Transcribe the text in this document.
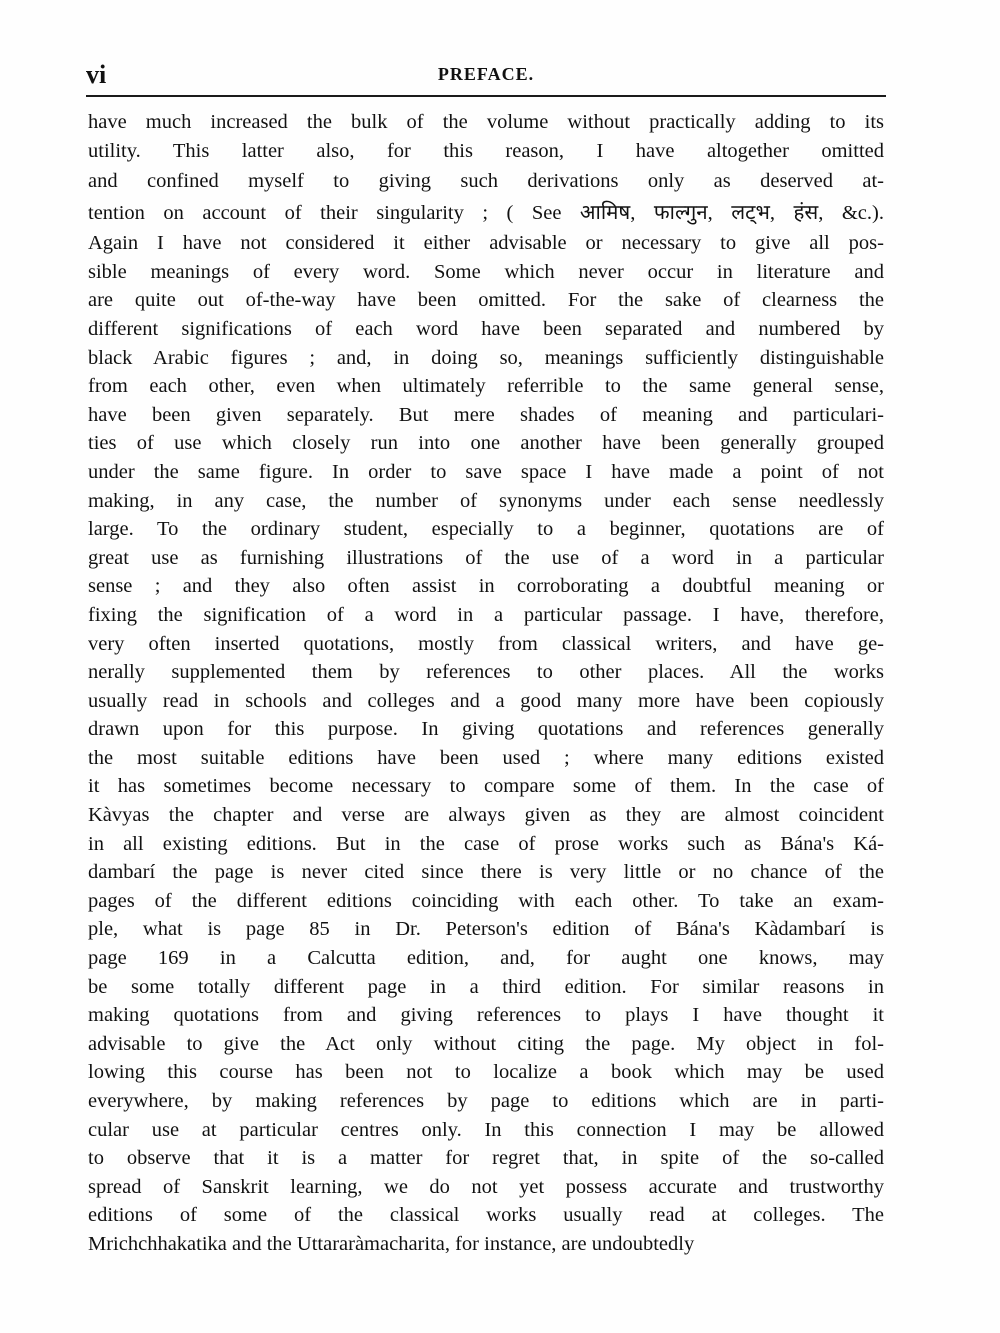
vi	PREFACE.
have much increased the bulk of the volume without practically adding to its
utility. This latter also, for this reason, I have altogether omitted
and confined myself to giving such derivations only as deserved at-
tention on account of their singularity ; ( See आमिष, फाल्गुन, लट्भ, हंस, &c.).
Again I have not considered it either advisable or necessary to give all pos-
sible meanings of every word. Some which never occur in literature and
are quite out of-the-way have been omitted. For the sake of clearness the
different significations of each word have been separated and numbered by
black Arabic figures ; and, in doing so, meanings sufficiently distinguishable
from each other, even when ultimately referrible to the same general sense,
have been given separately. But mere shades of meaning and particulari-
ties of use which closely run into one another have been generally grouped
under the same figure. In order to save space I have made a point of not
making, in any case, the number of synonyms under each sense needlessly
large. To the ordinary student, especially to a beginner, quotations are of
great use as furnishing illustrations of the use of a word in a particular
sense ; and they also often assist in corroborating a doubtful meaning or
fixing the signification of a word in a particular passage. I have, therefore,
very often inserted quotations, mostly from classical writers, and have ge-
nerally supplemented them by references to other places. All the works
usually read in schools and colleges and a good many more have been copiously
drawn upon for this purpose. In giving quotations and references generally
the most suitable editions have been used ; where many editions existed
it has sometimes become necessary to compare some of them. In the case of
Kàvyas the chapter and verse are always given as they are almost coincident
in all existing editions. But in the case of prose works such as Bána's Ká-
dambarí the page is never cited since there is very little or no chance of the
pages of the different editions coinciding with each other. To take an exam-
ple, what is page 85 in Dr. Peterson's edition of Bána's Kàdambarí is
page 169 in a Calcutta edition, and, for aught one knows, may
be some totally different page in a third edition. For similar reasons in
making quotations from and giving references to plays I have thought it
advisable to give the Act only without citing the page. My object in fol-
lowing this course has been not to localize a book which may be used
everywhere, by making references by page to editions which are in parti-
cular use at particular centres only. In this connection I may be allowed
to observe that it is a matter for regret that, in spite of the so-called
spread of Sanskrit learning, we do not yet possess accurate and trustworthy
editions of some of the classical works usually read at colleges. The
Mrichchhakatika and the Uttararàmacharita, for instance, are undoubtedly
